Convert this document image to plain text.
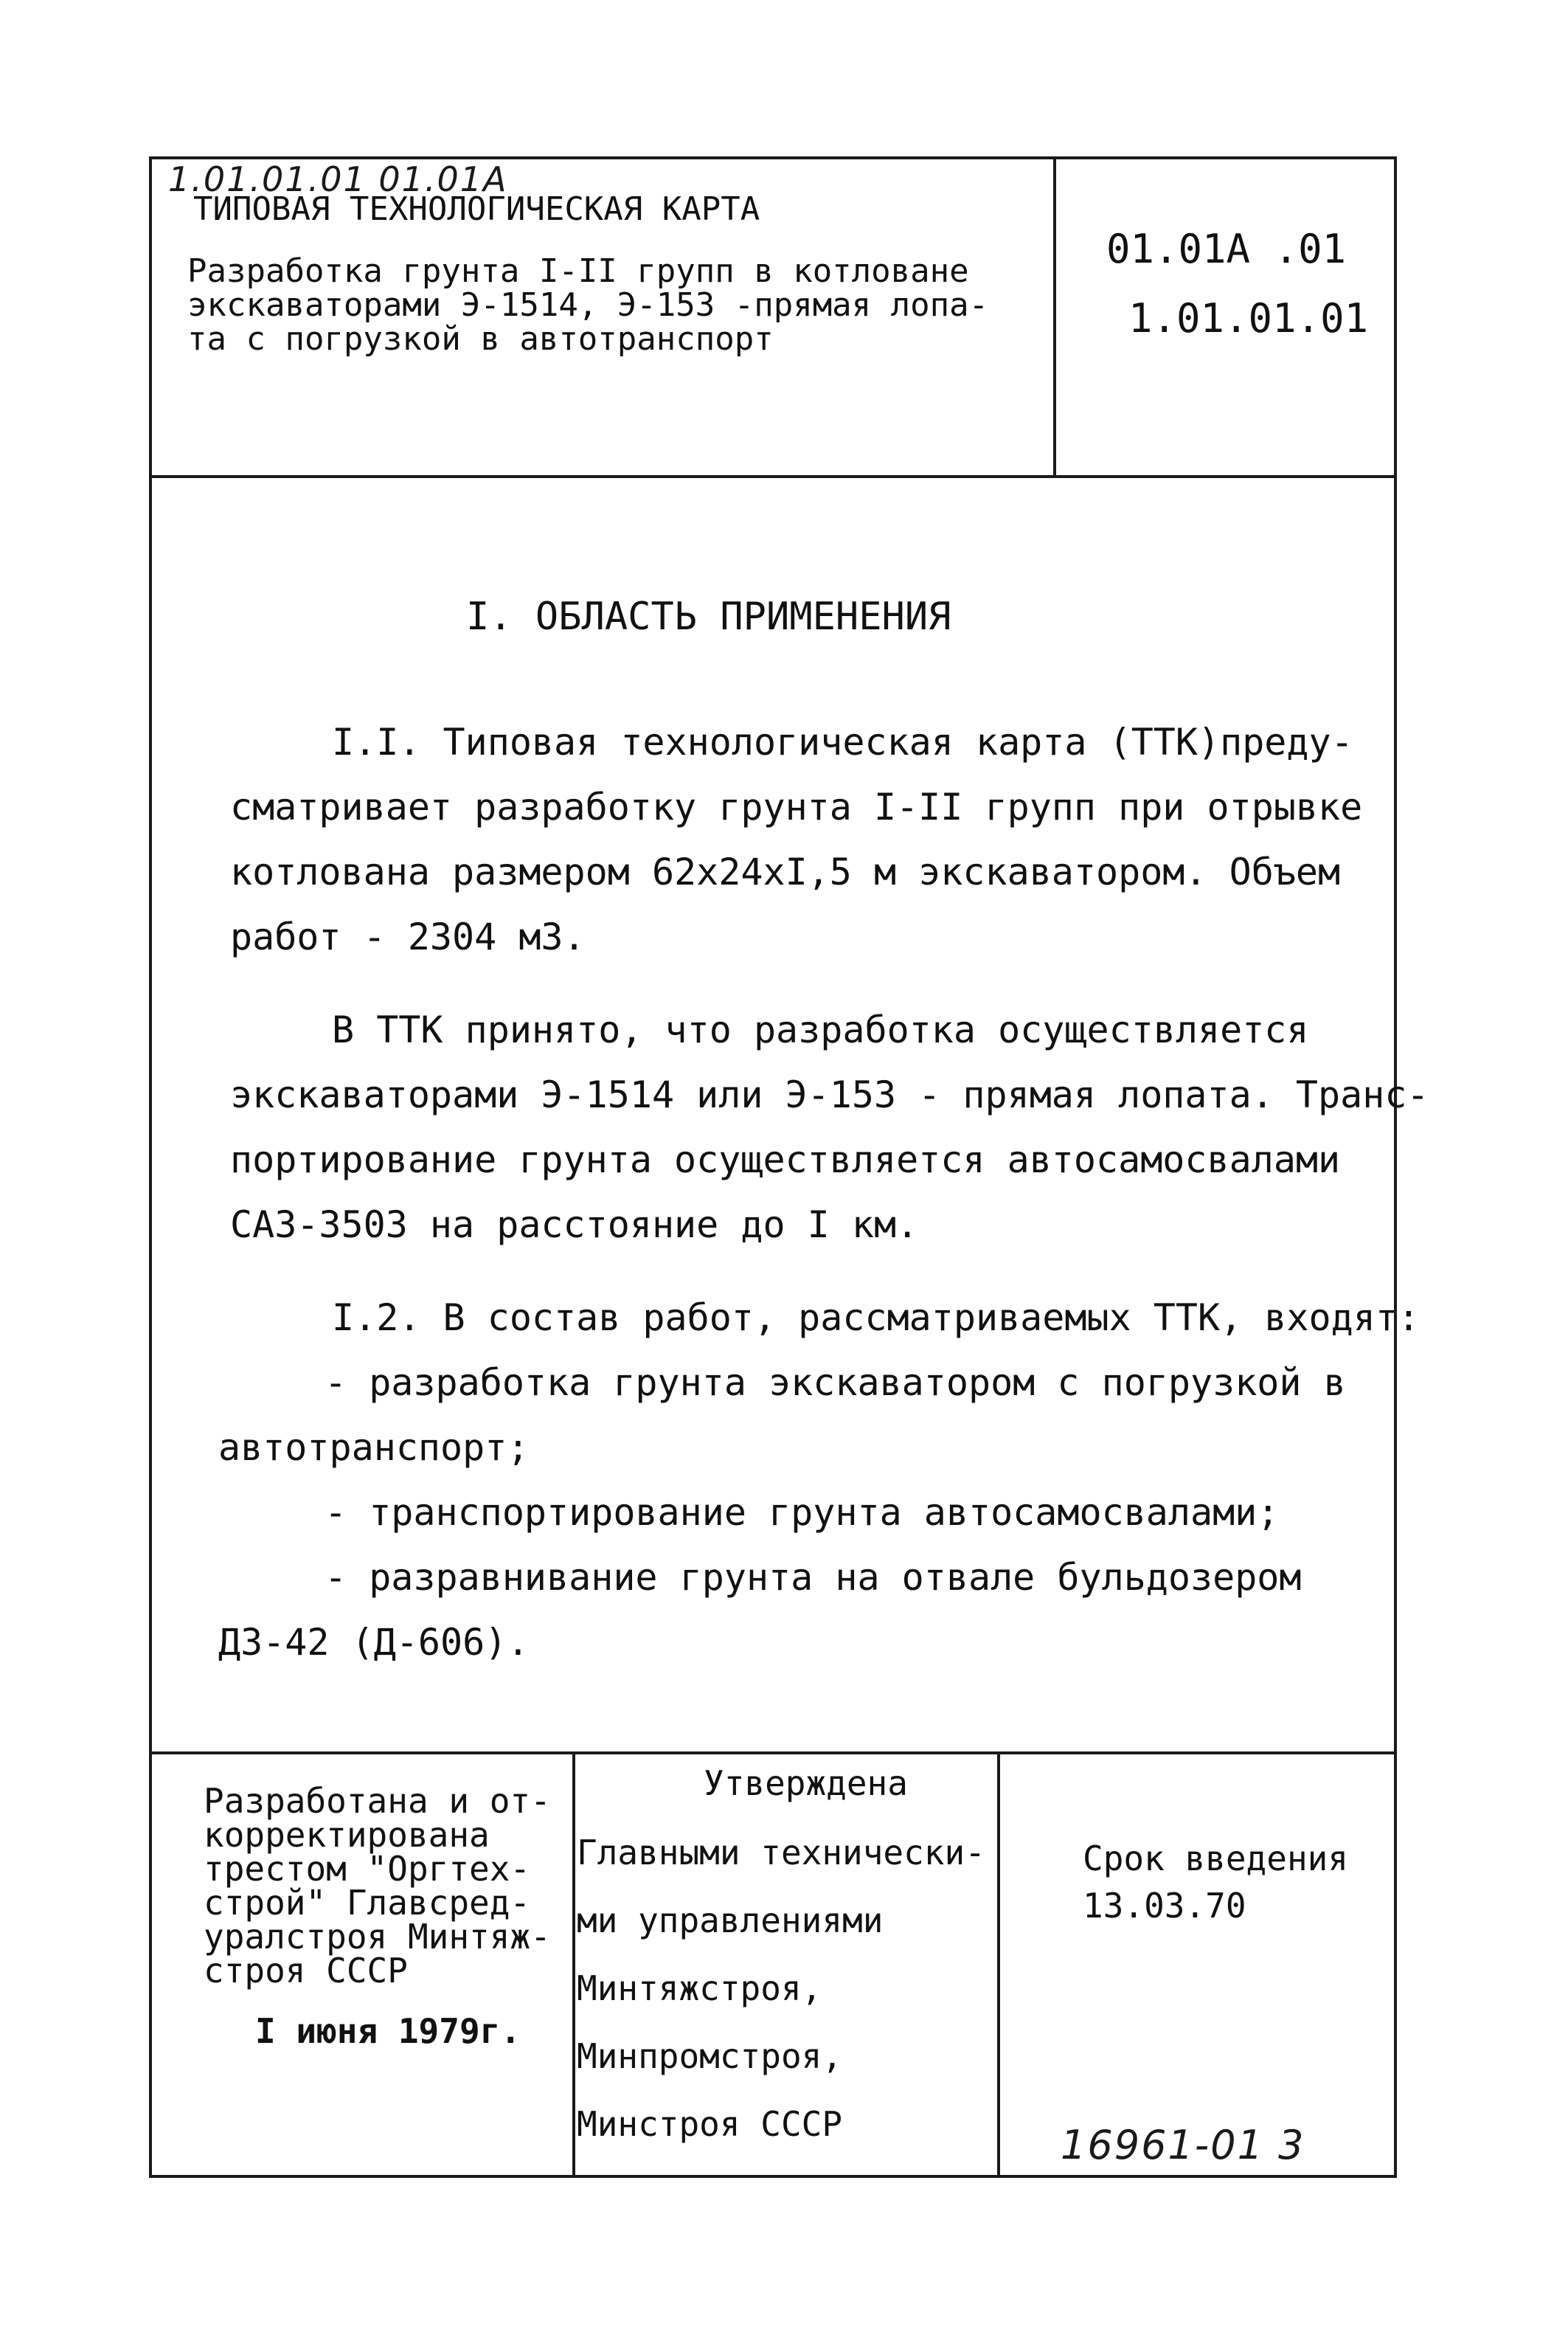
1.01.01.01 01.01А
ТИПОВАЯ ТЕХНОЛОГИЧЕСКАЯ КАРТА
Разработка грунта I-II групп в котловане
экскаваторами Э-1514, Э-153 -прямая лопа-
та с погрузкой в автотранспорт
01.01А .01
1.01.01.01
I. ОБЛАСТЬ ПРИМЕНЕНИЯ
I.I. Типовая технологическая карта (ТТК)преду-
сматривает разработку грунта I-II групп при отрывке
котлована размером 62х24хI,5 м экскаватором. Объем
работ - 2304 м3.
В ТТК принято, что разработка осуществляется
экскаваторами Э-1514 или Э-153 - прямая лопата. Транс-
портирование грунта осуществляется автосамосвалами
САЗ-3503 на расстояние до I км.
I.2. В состав работ, рассматриваемых ТТК, входят:
- разработка грунта экскаватором с погрузкой в
автотранспорт;
- транспортирование грунта автосамосвалами;
- разравнивание грунта на отвале бульдозером
ДЗ-42 (Д-606).
Разработана и от-
корректирована
трестом "Оргтех-
строй" Главсред-
уралстроя Минтяж-
строя СССР
I июня 1979г.
Утверждена
Главными технически-
ми управлениями
Минтяжстроя,
Минпромстроя,
Минстроя СССР
Срок введения
13.03.70
16961-01 3
